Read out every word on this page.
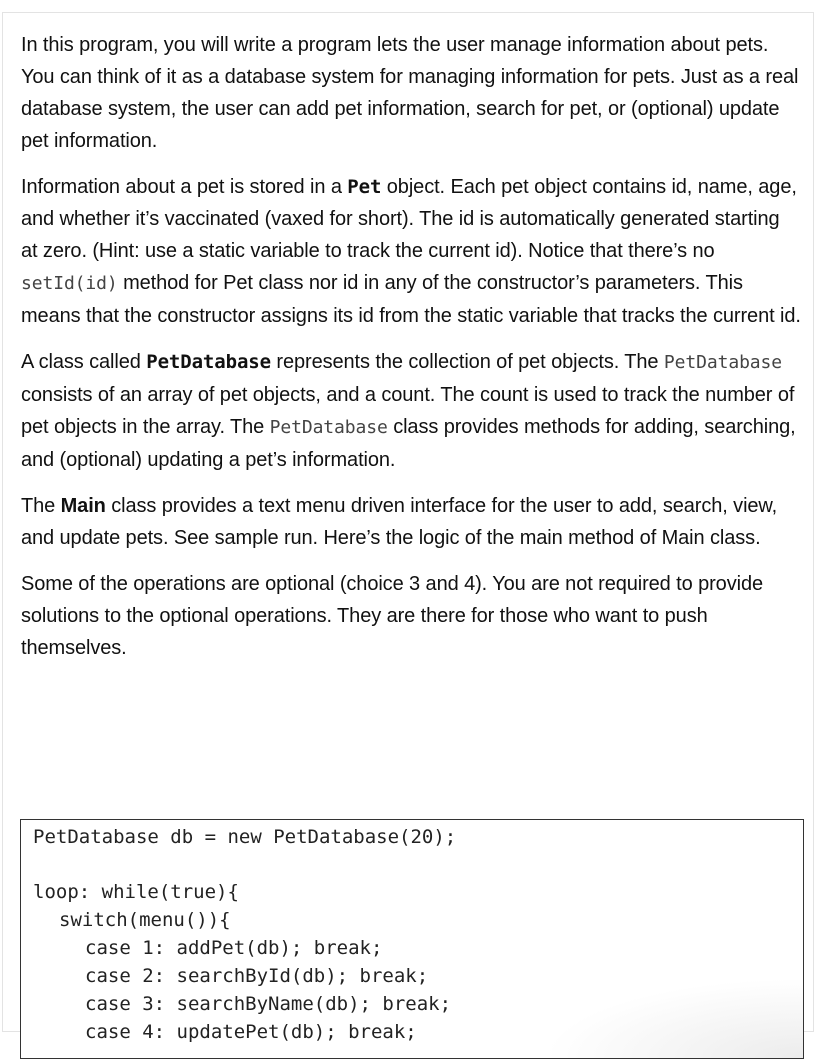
In this program, you will write a program lets the user manage information about pets. You can think of it as a database system for managing information for pets. Just as a real database system, the user can add pet information, search for pet, or (optional) update pet information.

Information about a pet is stored in a Pet object. Each pet object contains id, name, age, and whether it’s vaccinated (vaxed for short). The id is automatically generated starting at zero. (Hint: use a static variable to track the current id). Notice that there’s no setId(id) method for Pet class nor id in any of the constructor’s parameters. This means that the constructor assigns its id from the static variable that tracks the current id.

A class called PetDatabase represents the collection of pet objects. The PetDatabase consists of an array of pet objects, and a count. The count is used to track the number of pet objects in the array. The PetDatabase class provides methods for adding, searching, and (optional) updating a pet’s information.

The Main class provides a text menu driven interface for the user to add, search, view, and update pets. See sample run. Here’s the logic of the main method of Main class.

Some of the operations are optional (choice 3 and 4). You are not required to provide solutions to the optional operations. They are there for those who want to push themselves.

PetDatabase db = new PetDatabase(20);
loop: while(true){
switch(menu()){
case 1: addPet(db); break;
case 2: searchById(db); break;
case 3: searchByName(db); break;
case 4: updatePet(db); break;
